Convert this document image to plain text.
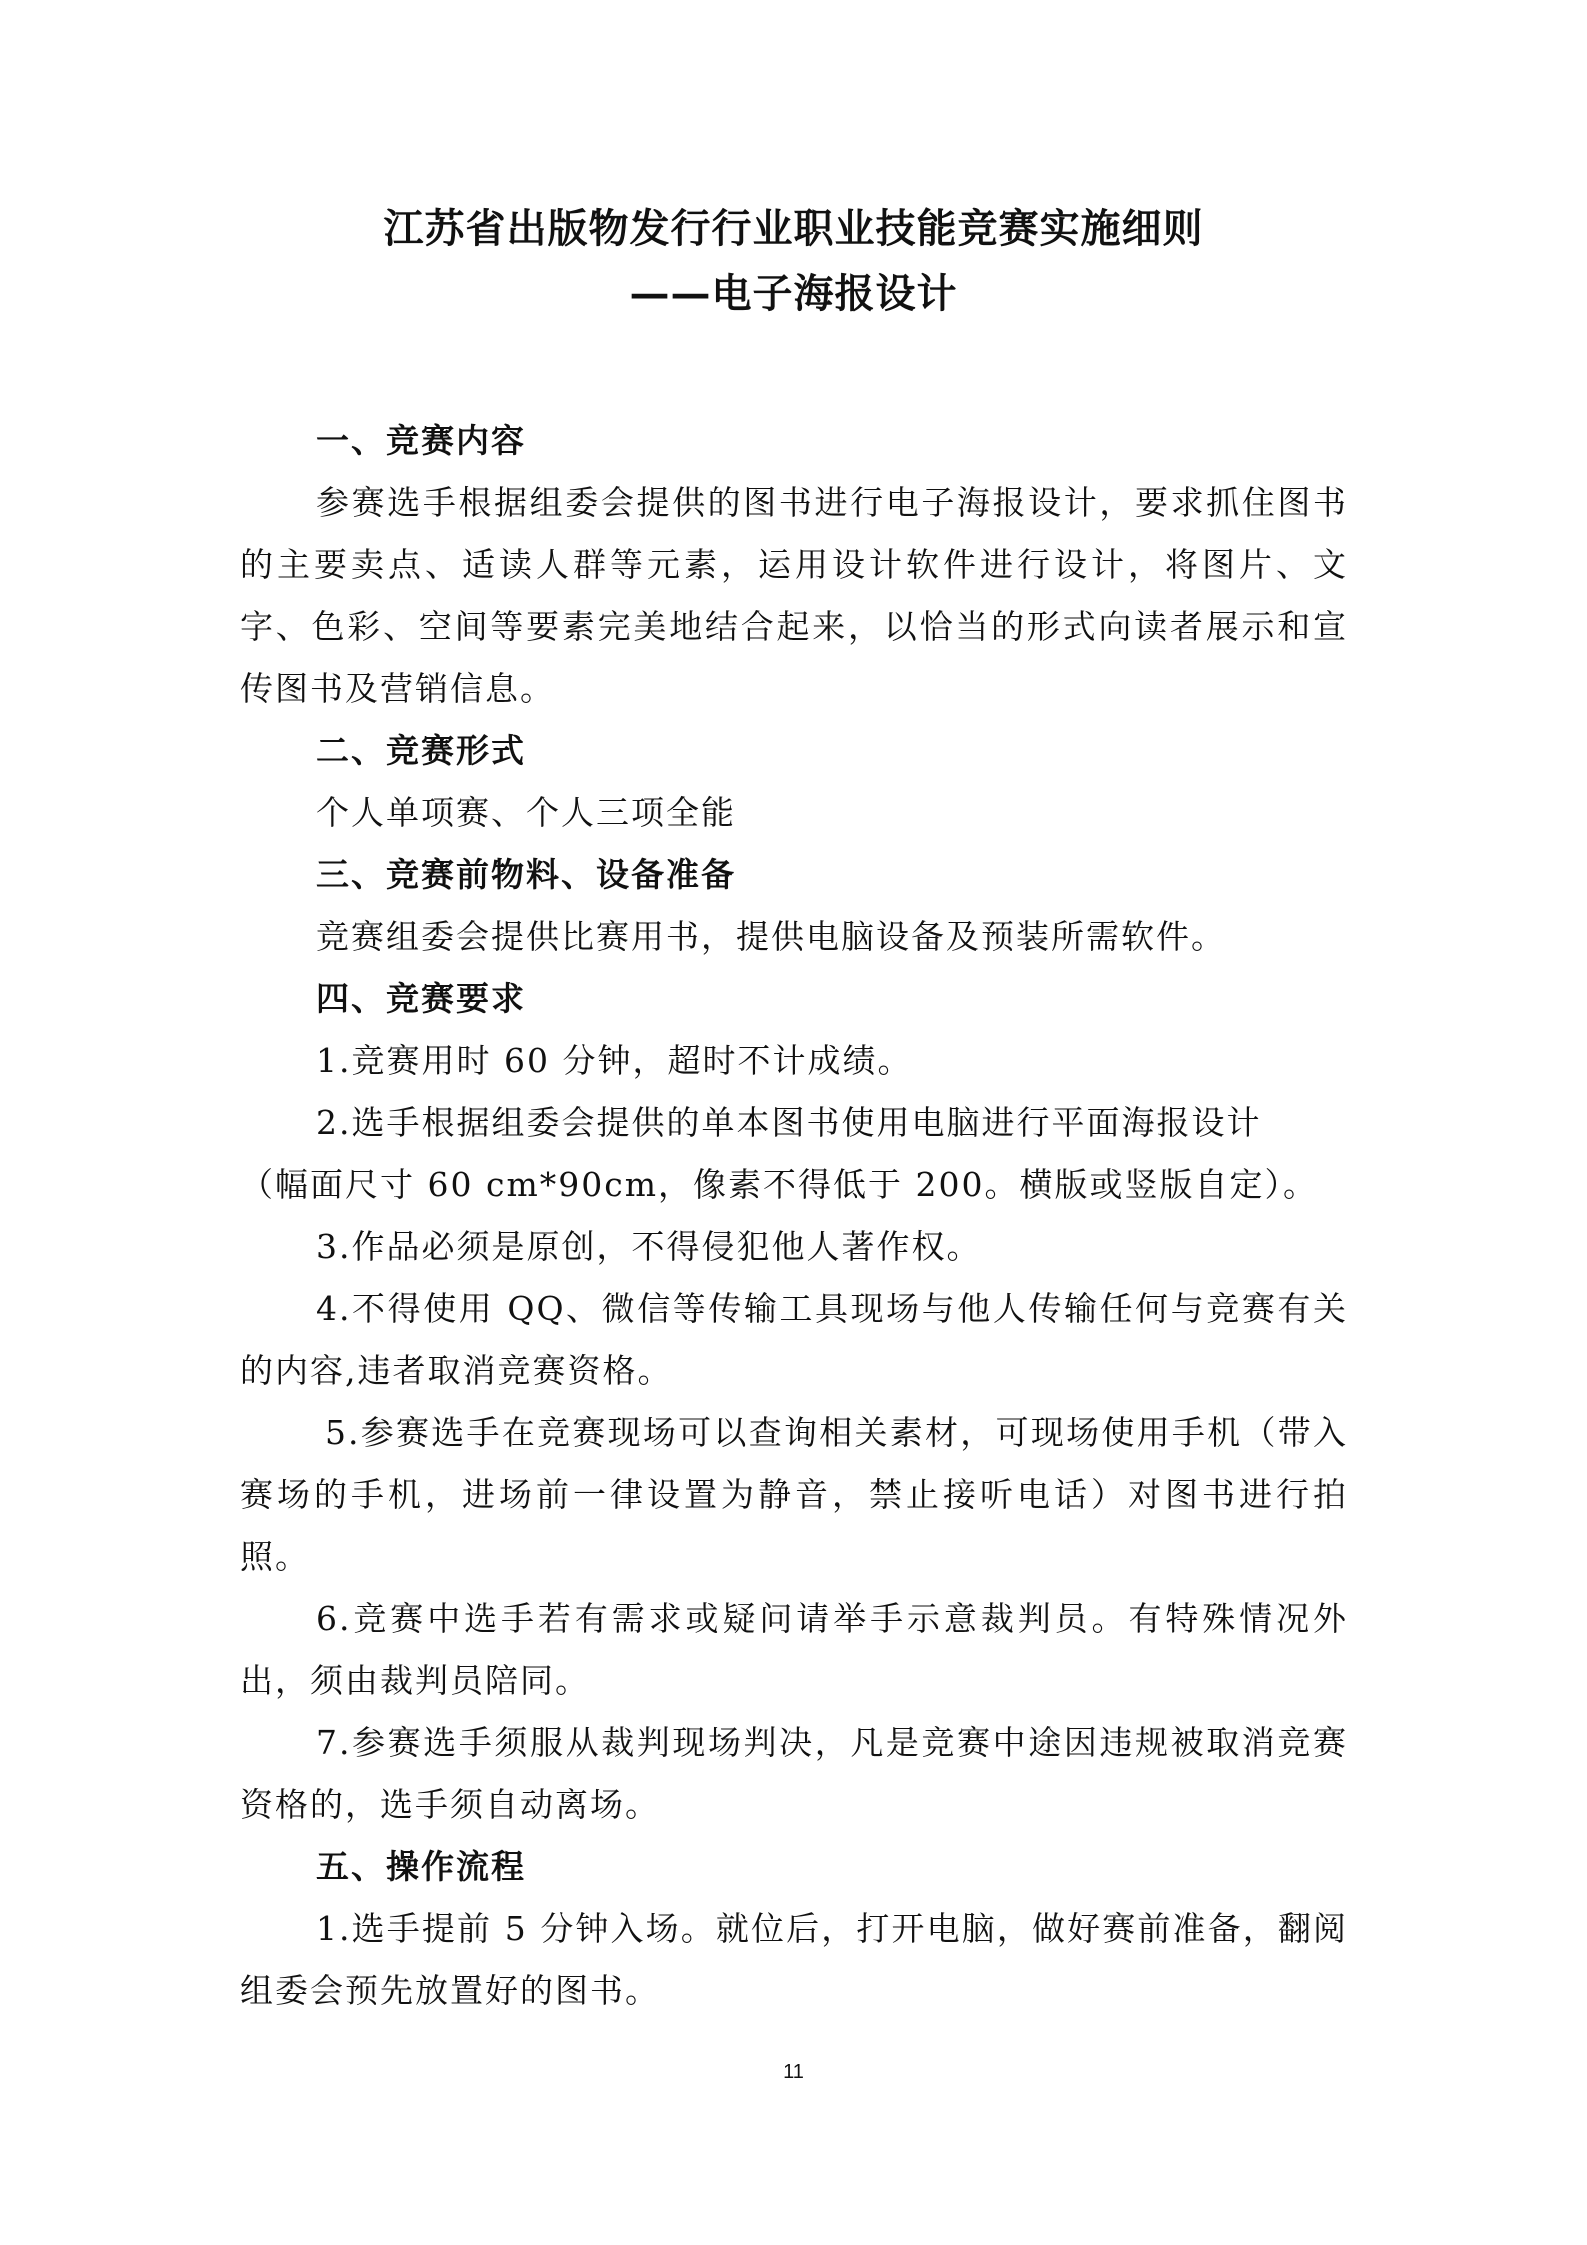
江苏省出版物发行行业职业技能竞赛实施细则
——电子海报设计

一、竞赛内容

参赛选手根据组委会提供的图书进行电子海报设计，要求抓住图书的主要卖点、适读人群等元素，运用设计软件进行设计，将图片、文字、色彩、空间等要素完美地结合起来，以恰当的形式向读者展示和宣传图书及营销信息。

二、竞赛形式

个人单项赛、个人三项全能

三、竞赛前物料、设备准备

竞赛组委会提供比赛用书，提供电脑设备及预装所需软件。

四、竞赛要求

1.竞赛用时 60 分钟，超时不计成绩。

2.选手根据组委会提供的单本图书使用电脑进行平面海报设计

（幅面尺寸 60 cm*90cm，像素不得低于 200。横版或竖版自定）。

3.作品必须是原创，不得侵犯他人著作权。

4.不得使用 QQ、微信等传输工具现场与他人传输任何与竞赛有关的内容,违者取消竞赛资格。

5.参赛选手在竞赛现场可以查询相关素材，可现场使用手机（带入赛场的手机，进场前一律设置为静音，禁止接听电话）对图书进行拍照。

6.竞赛中选手若有需求或疑问请举手示意裁判员。有特殊情况外出，须由裁判员陪同。

7.参赛选手须服从裁判现场判决，凡是竞赛中途因违规被取消竞赛资格的，选手须自动离场。

五、操作流程

1.选手提前 5 分钟入场。就位后，打开电脑，做好赛前准备，翻阅组委会预先放置好的图书。

11
